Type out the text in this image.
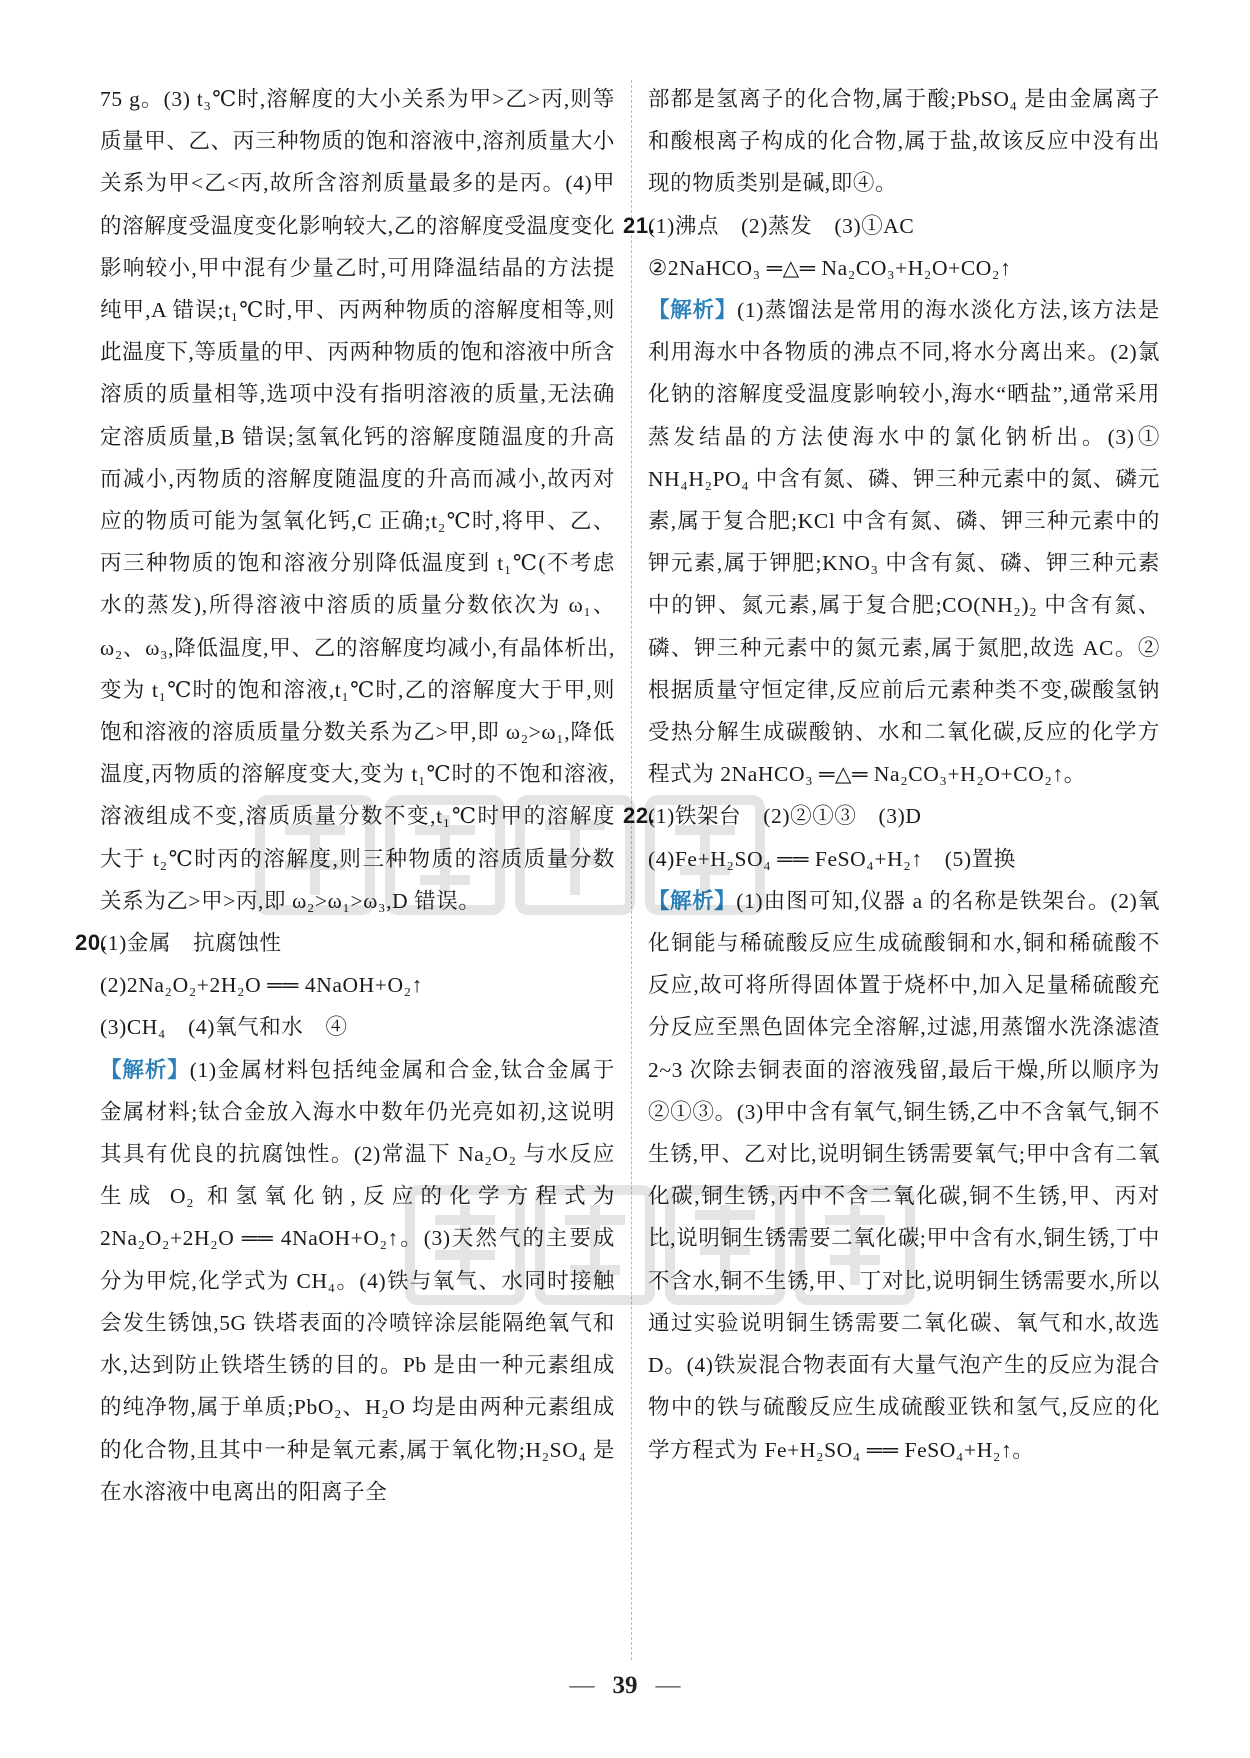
75 g。(3) t₃℃时,溶解度的大小关系为甲>乙>丙,则等质量甲、乙、丙三种物质的饱和溶液中,溶剂质量大小关系为甲<乙<丙,故所含溶剂质量最多的是丙。(4)甲的溶解度受温度变化影响较大,乙的溶解度受温度变化影响较小,甲中混有少量乙时,可用降温结晶的方法提纯甲,A 错误;t₁℃时,甲、丙两种物质的溶解度相等,则此温度下,等质量的甲、丙两种物质的饱和溶液中所含溶质的质量相等,选项中没有指明溶液的质量,无法确定溶质质量,B 错误;氢氧化钙的溶解度随温度的升高而减小,丙物质的溶解度随温度的升高而减小,故丙对应的物质可能为氢氧化钙,C 正确;t₂℃时,将甲、乙、丙三种物质的饱和溶液分别降低温度到 t₁℃(不考虑水的蒸发),所得溶液中溶质的质量分数依次为 ω₁、ω₂、ω₃,降低温度,甲、乙的溶解度均减小,有晶体析出,变为 t₁℃时的饱和溶液,t₁℃时,乙的溶解度大于甲,则饱和溶液的溶质质量分数关系为乙>甲,即 ω₂>ω₁,降低温度,丙物质的溶解度变大,变为 t₁℃时的不饱和溶液,溶液组成不变,溶质质量分数不变,t₁℃时甲的溶解度大于 t₂℃时丙的溶解度,则三种物质的溶质质量分数关系为乙>甲>丙,即 ω₂>ω₁>ω₃,D 错误。

20.
(1)金属　抗腐蚀性
(2)2Na₂O₂+2H₂O ══ 4NaOH+O₂↑
(3)CH₄　(4)氧气和水　④

【解析】(1)金属材料包括纯金属和合金,钛合金属于金属材料;钛合金放入海水中数年仍光亮如初,这说明其具有优良的抗腐蚀性。(2)常温下 Na₂O₂ 与水反应生成 O₂ 和氢氧化钠,反应的化学方程式为 2Na₂O₂+2H₂O ══ 4NaOH+O₂↑。(3)天然气的主要成分为甲烷,化学式为 CH₄。(4)铁与氧气、水同时接触会发生锈蚀,5G 铁塔表面的冷喷锌涂层能隔绝氧气和水,达到防止铁塔生锈的目的。Pb 是由一种元素组成的纯净物,属于单质;PbO₂、H₂O 均是由两种元素组成的化合物,且其中一种是氧元素,属于氧化物;H₂SO₄ 是在水溶液中电离出的阳离子全

部都是氢离子的化合物,属于酸;PbSO₄ 是由金属离子和酸根离子构成的化合物,属于盐,故该反应中没有出现的物质类别是碱,即④。

21.
(1)沸点　(2)蒸发　(3)①AC
②2NaHCO₃ ═△═ Na₂CO₃+H₂O+CO₂↑

【解析】(1)蒸馏法是常用的海水淡化方法,该方法是利用海水中各物质的沸点不同,将水分离出来。(2)氯化钠的溶解度受温度影响较小,海水“晒盐”,通常采用蒸发结晶的方法使海水中的氯化钠析出。(3)① NH₄H₂PO₄ 中含有氮、磷、钾三种元素中的氮、磷元素,属于复合肥;KCl 中含有氮、磷、钾三种元素中的钾元素,属于钾肥;KNO₃ 中含有氮、磷、钾三种元素中的钾、氮元素,属于复合肥;CO(NH₂)₂ 中含有氮、磷、钾三种元素中的氮元素,属于氮肥,故选 AC。②根据质量守恒定律,反应前后元素种类不变,碳酸氢钠受热分解生成碳酸钠、水和二氧化碳,反应的化学方程式为 2NaHCO₃ ═△═ Na₂CO₃+H₂O+CO₂↑。

22.
(1)铁架台　(2)②①③　(3)D
(4)Fe+H₂SO₄ ══ FeSO₄+H₂↑　(5)置换

【解析】(1)由图可知,仪器 a 的名称是铁架台。(2)氧化铜能与稀硫酸反应生成硫酸铜和水,铜和稀硫酸不反应,故可将所得固体置于烧杯中,加入足量稀硫酸充分反应至黑色固体完全溶解,过滤,用蒸馏水洗涤滤渣 2~3 次除去铜表面的溶液残留,最后干燥,所以顺序为②①③。(3)甲中含有氧气,铜生锈,乙中不含氧气,铜不生锈,甲、乙对比,说明铜生锈需要氧气;甲中含有二氧化碳,铜生锈,丙中不含二氧化碳,铜不生锈,甲、丙对比,说明铜生锈需要二氧化碳;甲中含有水,铜生锈,丁中不含水,铜不生锈,甲、丁对比,说明铜生锈需要水,所以通过实验说明铜生锈需要二氧化碳、氧气和水,故选 D。(4)铁炭混合物表面有大量气泡产生的反应为混合物中的铁与硫酸反应生成硫酸亚铁和氢气,反应的化学方程式为 Fe+H₂SO₄ ══ FeSO₄+H₂↑。

— 39 —
